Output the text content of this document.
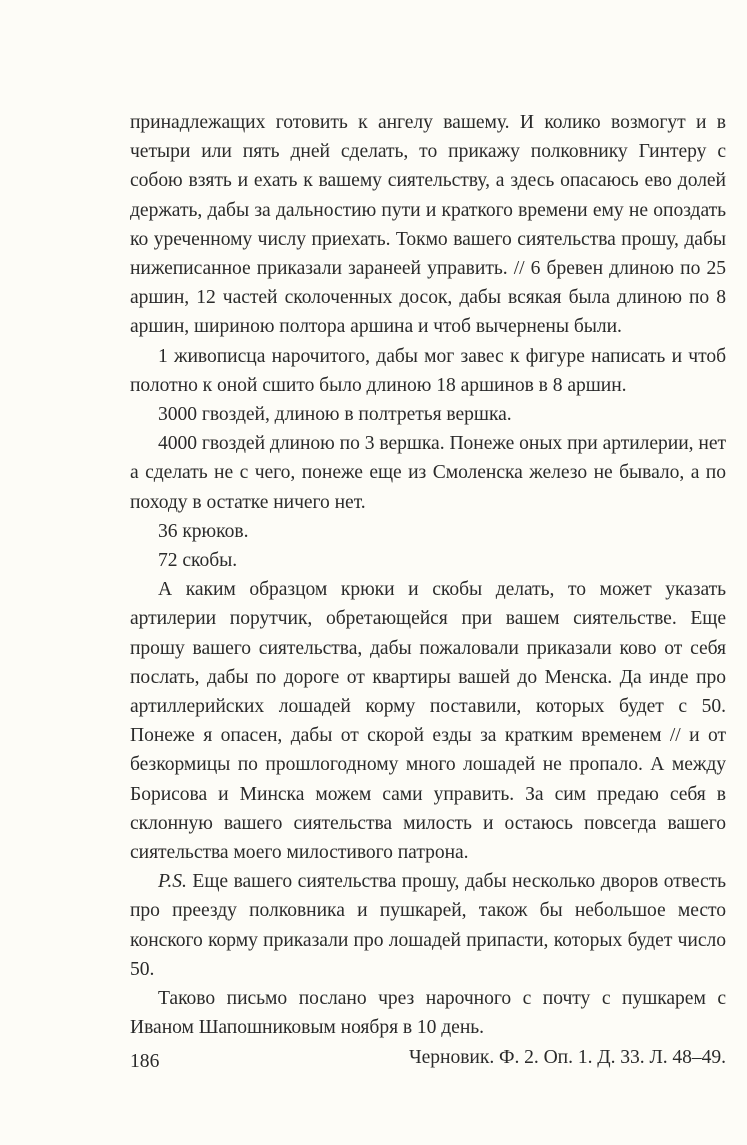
принадлежащих готовить к ангелу вашему. И колико возмогут и в четыри или пять дней сделать, то прикажу полковнику Гинтеру с собою взять и ехать к вашему сиятельству, а здесь опасаюсь ево долей держать, дабы за дальностию пути и краткого времени ему не опоздать ко уреченному числу приехать. Токмо вашего сиятельства прошу, дабы нижеписанное приказали заранеей управить. // 6 бревен длиною по 25 аршин, 12 частей сколоченных досок, дабы всякая была длиною по 8 аршин, шириною полтора аршина и чтоб вычернены были.

1 живописца нарочитого, дабы мог завес к фигуре написать и чтоб полотно к оной сшито было длиною 18 аршинов в 8 аршин.

3000 гвоздей, длиною в полтретья вершка.

4000 гвоздей длиною по 3 вершка. Понеже оных при артилерии, нет а сделать не с чего, понеже еще из Смоленска железо не бывало, а по походу в остатке ничего нет.

36 крюков.

72 скобы.

А каким образцом крюки и скобы делать, то может указать артилерии порутчик, обретающейся при вашем сиятельстве. Еще прошу вашего сиятельства, дабы пожаловали приказали ково от себя послать, дабы по дороге от квартиры вашей до Менска. Да инде про артиллерийских лошадей корму поставили, которых будет с 50. Понеже я опасен, дабы от скорой езды за кратким временем // и от безкормицы по прошлогодному много лошадей не пропало. А между Борисова и Минска можем сами управить. За сим предаю себя в склонную вашего сиятельства милость и остаюсь повсегда вашего сиятельства моего милостивого патрона.

P.S. Еще вашего сиятельства прошу, дабы несколько дворов отвесть про преезду полковника и пушкарей, також бы небольшое место конского корму приказали про лошадей припасти, которых будет число 50.

Таково письмо послано чрез нарочного с почту с пушкарем с Иваном Шапошниковым ноября в 10 день.

Черновик. Ф. 2. Оп. 1. Д. 33. Л. 48–49.

186
